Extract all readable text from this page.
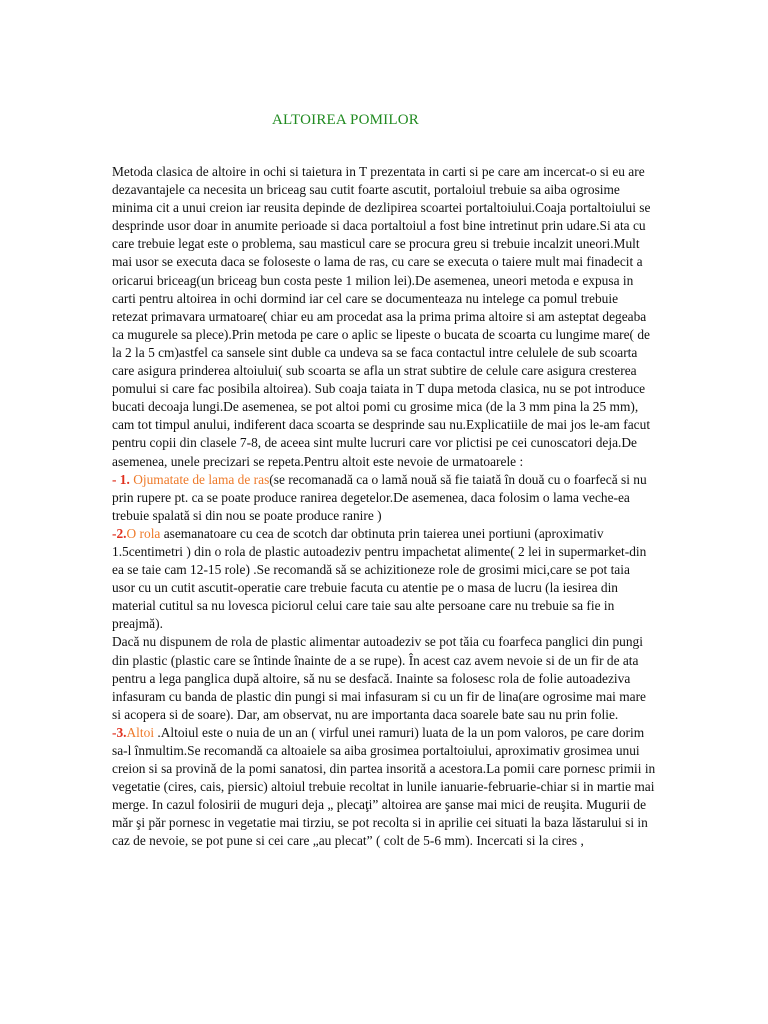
ALTOIREA POMILOR

Metoda clasica de altoire in ochi si taietura in T prezentata in carti si pe care am incercat-o si eu are dezavantajele ca necesita un briceag sau cutit foarte ascutit, portaloiul trebuie sa aiba ogrosime minima cit a unui creion iar reusita depinde de dezlipirea scoartei portaltoiului.Coaja portaltoiului se desprinde usor doar in anumite perioade si daca portaltoiul a fost bine intretinut prin udare.Si ata cu care trebuie legat este o problema, sau masticul care se procura greu si trebuie incalzit uneori.Mult mai usor se executa daca se foloseste o lama de ras, cu care se executa o taiere mult mai finadecit a oricarui briceag(un briceag bun costa peste 1 milion lei).De asemenea, uneori metoda e expusa in carti pentru altoirea in ochi dormind iar cel care se documenteaza nu intelege ca pomul trebuie retezat primavara urmatoare( chiar eu am procedat asa la prima prima altoire si am asteptat degeaba ca mugurele sa plece).Prin metoda pe care o aplic se lipeste o bucata de scoarta cu lungime mare( de la 2 la 5 cm)astfel ca sansele sint duble ca undeva sa se faca contactul intre celulele de sub scoarta care asigura prinderea altoiului( sub scoarta se afla un strat subtire de celule care asigura cresterea pomului si care fac posibila altoirea). Sub coaja taiata in T dupa metoda clasica, nu se pot introduce bucati decoaja lungi.De asemenea, se pot altoi pomi cu grosime mica (de la 3 mm pina la 25 mm), cam tot timpul anului, indiferent daca scoarta se desprinde sau nu.Explicatiile de mai jos le-am facut pentru copii din clasele 7-8, de aceea sint multe lucruri care vor plictisi pe cei cunoscatori deja.De asemenea, unele precizari se repeta.Pentru altoit este nevoie de urmatoarele :

- 1. Ojumatate de lama de ras(se recomanadă ca o lamă nouă să fie taiată în două cu o foarfecă si nu prin rupere pt. ca se poate produce ranirea degetelor.De asemenea, daca folosim o lama veche-ea trebuie spalată si din nou se poate produce ranire )

-2.O rola asemanatoare cu cea de scotch dar obtinuta prin taierea unei portiuni (aproximativ 1.5centimetri ) din o rola de plastic autoadeziv pentru impachetat alimente( 2 lei in supermarket-din ea se taie cam 12-15 role) .Se recomandă să se achizitioneze role de grosimi mici,care se pot taia usor cu un cutit ascutit-operatie care trebuie facuta cu atentie pe o masa de lucru (la iesirea din material cutitul sa nu lovesca piciorul celui care taie sau alte persoane care nu trebuie sa fie in preajmă).

Dacă nu dispunem de rola de plastic alimentar autoadeziv se pot tăia cu foarfeca panglici din pungi din plastic (plastic care se întinde înainte de a se rupe). În acest caz avem nevoie si de un fir de ata pentru a lega panglica după altoire, să nu se desfacă. Inainte sa folosesc rola de folie autoadeziva infasuram cu banda de plastic din pungi si mai infasuram si cu un fir de lina(are ogrosime mai mare si acopera si de soare). Dar, am observat, nu are importanta daca soarele bate sau nu prin folie.

-3.Altoi .Altoiul este o nuia de un an ( virful unei ramuri) luata de la un pom valoros, pe care dorim sa-l înmultim.Se recomandă ca altoaiele sa aiba grosimea portaltoiului, aproximativ grosimea unui creion si sa provină de la pomi sanatosi, din partea insorită a acestora.La pomii care pornesc primii in vegetatie (cires, cais, piersic) altoiul trebuie recoltat in lunile ianuarie-februarie-chiar si in martie mai merge. In cazul folosirii de muguri deja „ plecaţi” altoirea are şanse mai mici de reuşita. Mugurii de măr şi păr pornesc in vegetatie mai tirziu, se pot recolta si in aprilie cei situati la baza lăstarului si in caz de nevoie, se pot pune si cei care „au plecat” ( colt de 5-6 mm). Incercati si la cires ,
